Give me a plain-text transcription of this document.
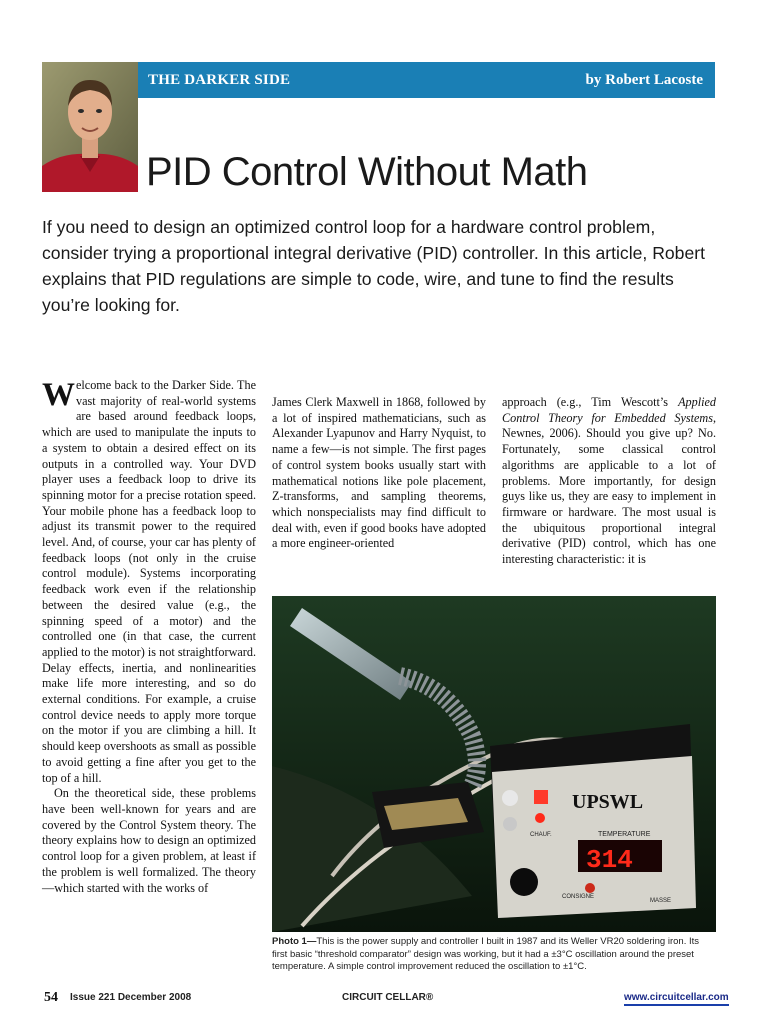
THE DARKER SIDE	by Robert Lacoste
PID Control Without Math
If you need to design an optimized control loop for a hardware control problem, consider trying a proportional integral derivative (PID) controller. In this article, Robert explains that PID regulations are simple to code, wire, and tune to find the results you’re looking for.

Welcome back to the Darker Side. The vast majority of real-world systems are based around feedback loops, which are used to manipulate the inputs to a system to obtain a desired effect on its outputs in a controlled way. Your DVD player uses a feedback loop to drive its spinning motor for a precise rotation speed. Your mobile phone has a feedback loop to adjust its transmit power to the required level. And, of course, your car has plenty of feedback loops (not only in the cruise control module). Systems incorporating feedback work even if the relationship between the desired value (e.g., the spinning speed of a motor) and the controlled one (in that case, the current applied to the motor) is not straightforward. Delay effects, inertia, and nonlinearities make life more interesting, and so do external conditions. For example, a cruise control device needs to apply more torque on the motor if you are climbing a hill. It should keep overshoots as small as possible to avoid getting a fine after you get to the top of a hill.

On the theoretical side, these problems have been well-known for years and are covered by the Control System theory. The theory explains how to design an optimized control loop for a given problem, at least if the problem is well formalized. The theory—which started with the works of

James Clerk Maxwell in 1868, followed by a lot of inspired mathematicians, such as Alexander Lyapunov and Harry Nyquist, to name a few—is not simple. The first pages of control system books usually start with mathematical notions like pole placement, Z-transforms, and sampling theorems, which nonspecialists may find difficult to deal with, even if good books have adopted a more engineer-oriented

approach (e.g., Tim Wescott’s Applied Control Theory for Embedded Systems, Newnes, 2006). Should you give up? No. Fortunately, some classical control algorithms are applicable to a lot of problems. More importantly, for design guys like us, they are easy to implement in firmware or hardware. The most usual is the ubiquitous proportional integral derivative (PID) control, which has one interesting characteristic: it is

UPSWL
TEMPERATURE
314
CHAUF.
CONSIGNE
MASSE
Photo 1—This is the power supply and controller I built in 1987 and its Weller VR20 soldering iron. Its first basic “threshold comparator” design was working, but it had a ±3°C oscillation around the preset temperature. A simple control improvement reduced the oscillation to ±1°C.
54 Issue 221 December 2008	CIRCUIT CELLAR®	www.circuitcellar.com
